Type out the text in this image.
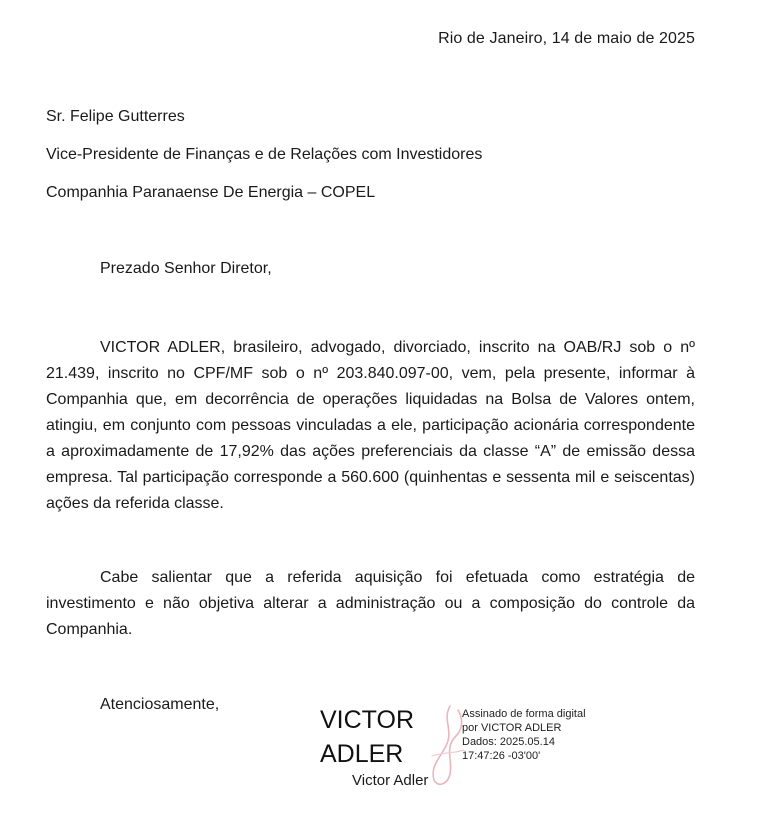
Rio de Janeiro, 14 de maio de 2025
Sr. Felipe Gutterres
Vice-Presidente de Finanças e de Relações com Investidores
Companhia Paranaense De Energia – COPEL
Prezado Senhor Diretor,

VICTOR ADLER, brasileiro, advogado, divorciado, inscrito na OAB/RJ sob o nº 21.439, inscrito no CPF/MF sob o nº 203.840.097-00, vem, pela presente, informar à Companhia que, em decorrência de operações liquidadas na Bolsa de Valores ontem, atingiu, em conjunto com pessoas vinculadas a ele, participação acionária correspondente a aproximadamente de 17,92% das ações preferenciais da classe “A” de emissão dessa empresa. Tal participação corresponde a 560.600 (quinhentas e sessenta mil e seiscentas) ações da referida classe.

Cabe salientar que a referida aquisição foi efetuada como estratégia de investimento e não objetiva alterar a administração ou a composição do controle da Companhia.

Atenciosamente,
VICTOR
ADLER
Assinado de forma digital
por VICTOR ADLER
Dados: 2025.05.14
17:47:26 -03'00'
Victor Adler
